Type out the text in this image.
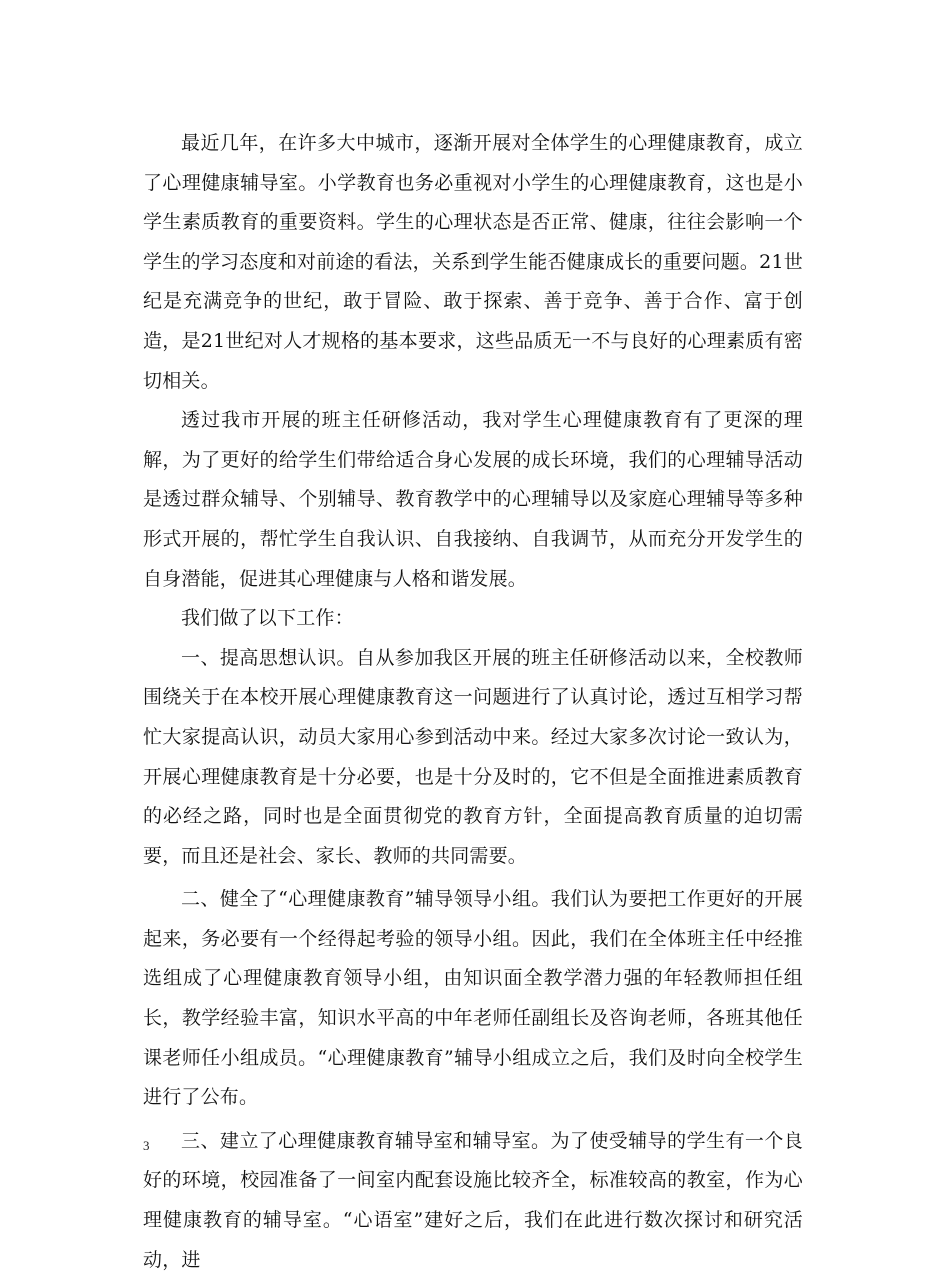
最近几年，在许多大中城市，逐渐开展对全体学生的心理健康教育，成立了心理健康辅导室。小学教育也务必重视对小学生的心理健康教育，这也是小学生素质教育的重要资料。学生的心理状态是否正常、健康，往往会影响一个学生的学习态度和对前途的看法，关系到学生能否健康成长的重要问题。21世纪是充满竞争的世纪，敢于冒险、敢于探索、善于竞争、善于合作、富于创造，是21世纪对人才规格的基本要求，这些品质无一不与良好的心理素质有密切相关。

透过我市开展的班主任研修活动，我对学生心理健康教育有了更深的理解，为了更好的给学生们带给适合身心发展的成长环境，我们的心理辅导活动是透过群众辅导、个别辅导、教育教学中的心理辅导以及家庭心理辅导等多种形式开展的，帮忙学生自我认识、自我接纳、自我调节，从而充分开发学生的自身潜能，促进其心理健康与人格和谐发展。

我们做了以下工作：

一、提高思想认识。自从参加我区开展的班主任研修活动以来，全校教师围绕关于在本校开展心理健康教育这一问题进行了认真讨论，透过互相学习帮忙大家提高认识，动员大家用心参到活动中来。经过大家多次讨论一致认为，开展心理健康教育是十分必要，也是十分及时的，它不但是全面推进素质教育的必经之路，同时也是全面贯彻党的教育方针，全面提高教育质量的迫切需要，而且还是社会、家长、教师的共同需要。

二、健全了“心理健康教育”辅导领导小组。我们认为要把工作更好的开展起来，务必要有一个经得起考验的领导小组。因此，我们在全体班主任中经推选组成了心理健康教育领导小组，由知识面全教学潜力强的年轻教师担任组长，教学经验丰富，知识水平高的中年老师任副组长及咨询老师，各班其他任课老师任小组成员。“心理健康教育”辅导小组成立之后，我们及时向全校学生进行了公布。

三、建立了心理健康教育辅导室和辅导室。为了使受辅导的学生有一个良好的环境，校园准备了一间室内配套设施比较齐全，标准较高的教室，作为心理健康教育的辅导室。“心语室”建好之后，我们在此进行数次探讨和研究活动，进

3
